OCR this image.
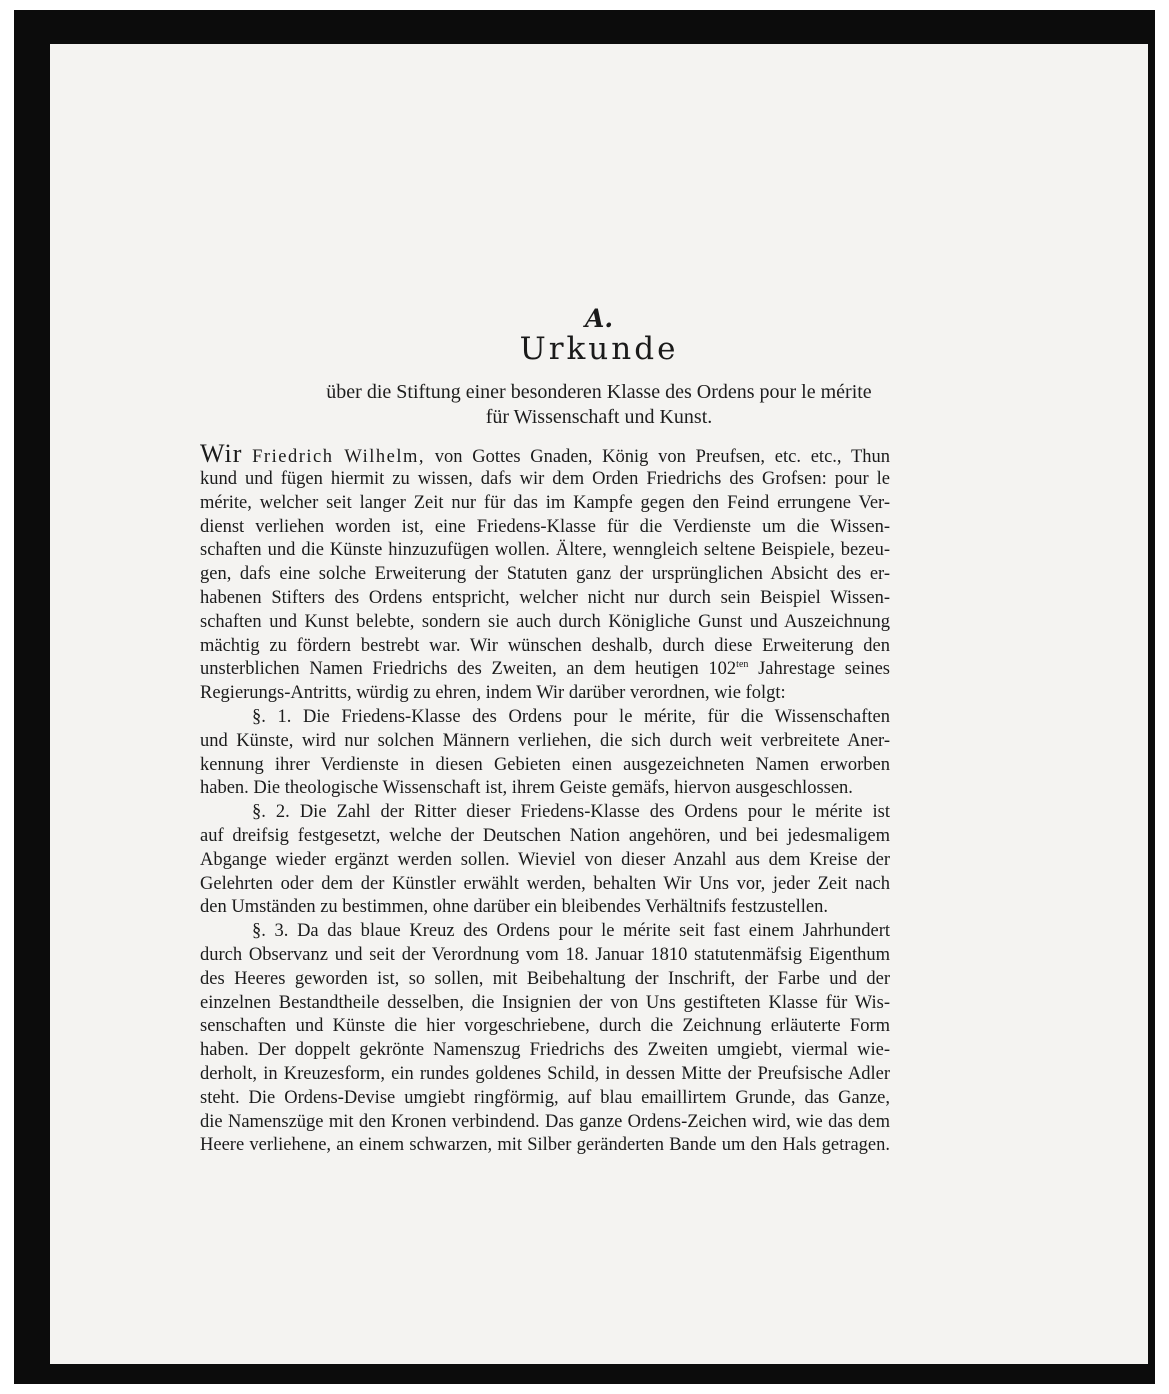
A.
Urkunde
über die Stiftung einer besonderen Klasse des Ordens pour le mérite
für Wissenschaft und Kunst.
Wir Friedrich Wilhelm, von Gottes Gnaden, König von Preufsen, etc. etc., Thun
kund und fügen hiermit zu wissen, dafs wir dem Orden Friedrichs des Grofsen: pour le
mérite, welcher seit langer Zeit nur für das im Kampfe gegen den Feind errungene Ver-
dienst verliehen worden ist, eine Friedens-Klasse für die Verdienste um die Wissen-
schaften und die Künste hinzuzufügen wollen. Ältere, wenngleich seltene Beispiele, bezeu-
gen, dafs eine solche Erweiterung der Statuten ganz der ursprünglichen Absicht des er-
habenen Stifters des Ordens entspricht, welcher nicht nur durch sein Beispiel Wissen-
schaften und Kunst belebte, sondern sie auch durch Königliche Gunst und Auszeichnung
mächtig zu fördern bestrebt war. Wir wünschen deshalb, durch diese Erweiterung den
unsterblichen Namen Friedrichs des Zweiten, an dem heutigen $102^{ten}$ Jahrestage seines
Regierungs-Antritts, würdig zu ehren, indem Wir darüber verordnen, wie folgt:
§. 1. Die Friedens-Klasse des Ordens pour le mérite, für die Wissenschaften
und Künste, wird nur solchen Männern verliehen, die sich durch weit verbreitete Aner-
kennung ihrer Verdienste in diesen Gebieten einen ausgezeichneten Namen erworben
haben. Die theologische Wissenschaft ist, ihrem Geiste gemäfs, hiervon ausgeschlossen.
§. 2. Die Zahl der Ritter dieser Friedens-Klasse des Ordens pour le mérite ist
auf dreifsig festgesetzt, welche der Deutschen Nation angehören, und bei jedesmaligem
Abgange wieder ergänzt werden sollen. Wieviel von dieser Anzahl aus dem Kreise der
Gelehrten oder dem der Künstler erwählt werden, behalten Wir Uns vor, jeder Zeit nach
den Umständen zu bestimmen, ohne darüber ein bleibendes Verhältnifs festzustellen.
§. 3. Da das blaue Kreuz des Ordens pour le mérite seit fast einem Jahrhundert
durch Observanz und seit der Verordnung vom 18. Januar 1810 statutenmäfsig Eigenthum
des Heeres geworden ist, so sollen, mit Beibehaltung der Inschrift, der Farbe und der
einzelnen Bestandtheile desselben, die Insignien der von Uns gestifteten Klasse für Wis-
senschaften und Künste die hier vorgeschriebene, durch die Zeichnung erläuterte Form
haben. Der doppelt gekrönte Namenszug Friedrichs des Zweiten umgiebt, viermal wie-
derholt, in Kreuzesform, ein rundes goldenes Schild, in dessen Mitte der Preufsische Adler
steht. Die Ordens-Devise umgiebt ringförmig, auf blau emaillirtem Grunde, das Ganze,
die Namenszüge mit den Kronen verbindend. Das ganze Ordens-Zeichen wird, wie das dem
Heere verliehene, an einem schwarzen, mit Silber geränderten Bande um den Hals getragen.
